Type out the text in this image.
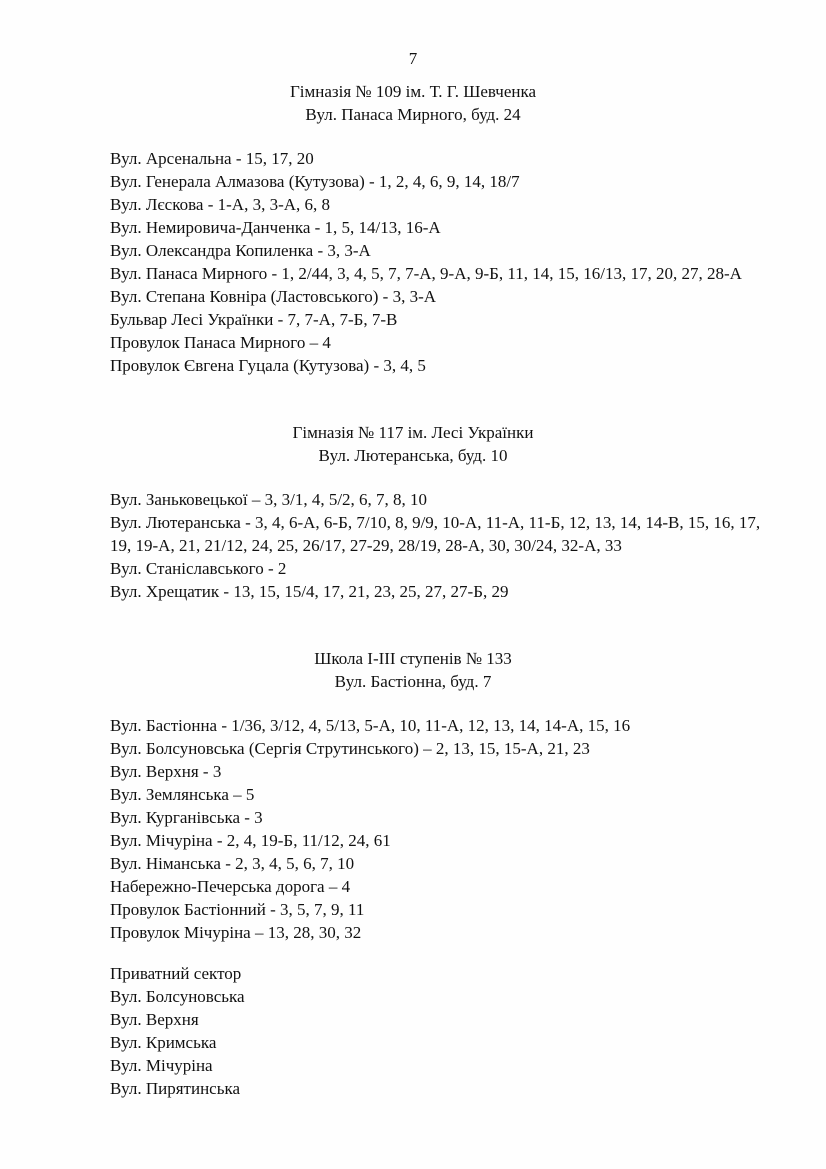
7
Гімназія № 109 ім. Т. Г. Шевченка
Вул. Панаса Мирного, буд. 24
Вул. Арсенальна - 15, 17, 20
Вул. Генерала Алмазова (Кутузова) - 1, 2, 4, 6, 9, 14, 18/7
Вул. Лєскова - 1-А, 3, 3-А, 6, 8
Вул. Немировича-Данченка - 1, 5, 14/13, 16-А
Вул. Олександра Копиленка - 3, 3-А
Вул. Панаса Мирного - 1, 2/44, 3, 4, 5, 7, 7-А, 9-А, 9-Б, 11, 14, 15, 16/13, 17, 20, 27, 28-А
Вул. Степана Ковніра (Ластовського) - 3, 3-А
Бульвар Лесі Українки - 7, 7-А, 7-Б, 7-В
Провулок Панаса Мирного – 4
Провулок Євгена Гуцала (Кутузова) - 3, 4, 5
Гімназія № 117 ім. Лесі Українки
Вул. Лютеранська, буд. 10
Вул. Заньковецької – 3, 3/1, 4, 5/2, 6, 7, 8, 10
Вул. Лютеранська - 3, 4, 6-А, 6-Б, 7/10, 8, 9/9, 10-А, 11-А, 11-Б, 12, 13, 14, 14-В, 15, 16, 17, 19, 19-А, 21, 21/12, 24, 25, 26/17, 27-29, 28/19, 28-А, 30, 30/24, 32-А, 33
Вул. Станіславського - 2
Вул. Хрещатик - 13, 15, 15/4, 17, 21, 23, 25, 27, 27-Б, 29
Школа І-ІІІ ступенів № 133
Вул. Бастіонна, буд. 7
Вул. Бастіонна - 1/36, 3/12, 4, 5/13, 5-А, 10, 11-А, 12, 13, 14, 14-А, 15, 16
Вул. Болсуновська (Сергія Струтинського) – 2, 13, 15, 15-А, 21, 23
Вул. Верхня - 3
Вул. Землянська – 5
Вул. Курганівська - 3
Вул. Мічуріна - 2, 4, 19-Б, 11/12, 24, 61
Вул. Німанська - 2, 3, 4, 5, 6, 7, 10
Набережно-Печерська дорога – 4
Провулок Бастіонний - 3, 5, 7, 9, 11
Провулок Мічуріна – 13, 28, 30, 32
Приватний сектор
Вул. Болсуновська
Вул. Верхня
Вул. Кримська
Вул. Мічуріна
Вул. Пирятинська
